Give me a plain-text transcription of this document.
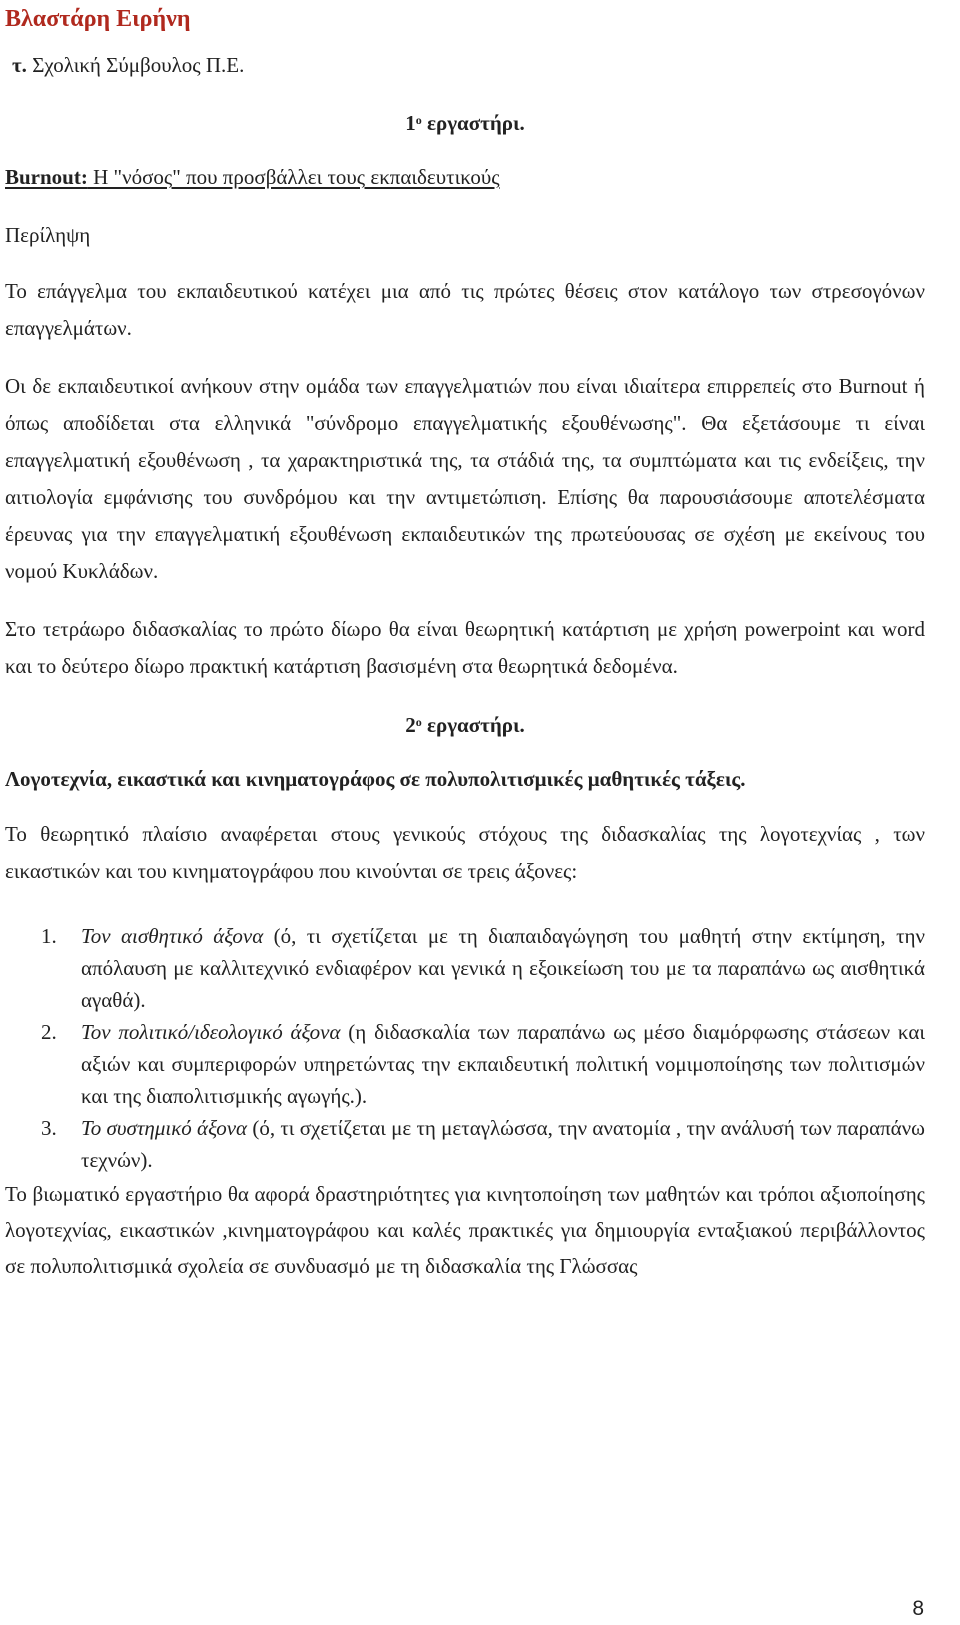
Βλαστάρη Ειρήνη
τ. Σχολική Σύμβουλος Π.Ε.
$1^o$ εργαστήρι.
Burnout: Η "νόσος" που προσβάλλει τους εκπαιδευτικούς
Περίληψη

Το επάγγελμα του εκπαιδευτικού κατέχει μια από τις πρώτες θέσεις στον κατάλογο των στρεσογόνων επαγγελμάτων.

Οι δε εκπαιδευτικοί ανήκουν στην ομάδα των επαγγελματιών που είναι ιδιαίτερα επιρρεπείς στο Burnout ή όπως αποδίδεται στα ελληνικά "σύνδρομο επαγγελματικής εξουθένωσης". Θα εξετάσουμε τι είναι επαγγελματική εξουθένωση , τα χαρακτηριστικά της, τα στάδιά της, τα συμπτώματα και τις ενδείξεις, την αιτιολογία εμφάνισης του συνδρόμου και την αντιμετώπιση. Επίσης θα παρουσιάσουμε αποτελέσματα έρευνας για την επαγγελματική εξουθένωση εκπαιδευτικών της πρωτεύουσας σε σχέση με εκείνους του νομού Κυκλάδων.

Στο τετράωρο διδασκαλίας το πρώτο δίωρο θα είναι θεωρητική κατάρτιση με χρήση powerpoint και word και το δεύτερο δίωρο πρακτική κατάρτιση βασισμένη στα θεωρητικά δεδομένα.

$2^o$ εργαστήρι.

Λογοτεχνία, εικαστικά και κινηματογράφος σε πολυπολιτισμικές μαθητικές τάξεις.

Το θεωρητικό πλαίσιο αναφέρεται στους γενικούς στόχους της διδασκαλίας της λογοτεχνίας , των εικαστικών και του κινηματογράφου που κινούνται σε τρεις άξονες:

1. Τον αισθητικό άξονα (ό, τι σχετίζεται με τη διαπαιδαγώγηση του μαθητή στην εκτίμηση, την απόλαυση με καλλιτεχνικό ενδιαφέρον και γενικά η εξοικείωση του με τα παραπάνω ως αισθητικά αγαθά).
2. Τον πολιτικό/ιδεολογικό άξονα (η διδασκαλία των παραπάνω ως μέσο διαμόρφωσης στάσεων και αξιών και συμπεριφορών υπηρετώντας την εκπαιδευτική πολιτική νομιμοποίησης των πολιτισμών και της διαπολιτισμικής αγωγής.).
3. Το συστημικό άξονα (ό, τι σχετίζεται με τη μεταγλώσσα, την ανατομία , την ανάλυσή των παραπάνω τεχνών).

Το βιωματικό εργαστήριο θα αφορά δραστηριότητες για κινητοποίηση των μαθητών και τρόποι αξιοποίησης λογοτεχνίας, εικαστικών ,κινηματογράφου και καλές πρακτικές για δημιουργία ενταξιακού περιβάλλοντος σε πολυπολιτισμικά σχολεία σε συνδυασμό με τη διδασκαλία της Γλώσσας

8
